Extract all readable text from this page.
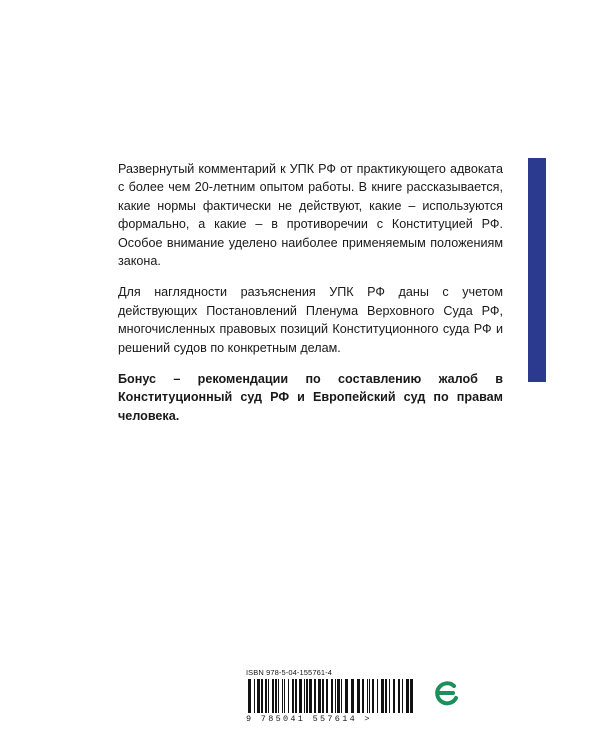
Развернутый комментарий к УПК РФ от практикующего адвоката с более чем 20-летним опытом работы. В книге рассказывается, какие нормы фактически не действуют, какие – используются формально, а какие – в противоречии с Конституцией РФ. Особое внимание уделено наиболее применяемым положениям закона.

Для наглядности разъяснения УПК РФ даны с учетом действующих Постановлений Пленума Верховного Суда РФ, многочисленных правовых позиций Конституционного суда РФ и решений судов по конкретным делам.

Бонус – рекомендации по составлению жалоб в Конституционный суд РФ и Европейский суд по правам человека.

ISBN 978-5-04-155761-4
9 785041 557614 >
